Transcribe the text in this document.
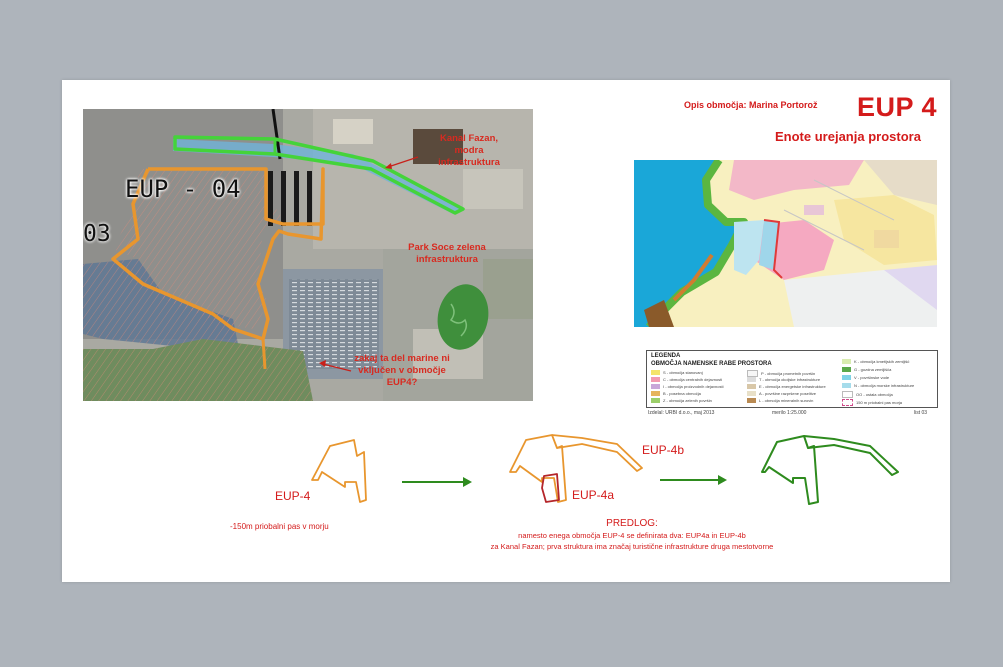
Opis območja: Marina Portorož EUP 4
Enote urejanja prostora
EUP - 04
03
Kanal Fazan, modra infrastruktura
Park Soce zelena infrastruktura
zakaj ta del marine ni vključen v območje EUP4?
LEGENDA
OBMOČJA NAMENSKE RABE PROSTORA
S - območja stanovanj
C - območja centralnih dejavnosti
I - območja proizvodnih dejavnosti
B - posebna območja
Z - območja zelenih površin
P - območja prometnih površin
T - območja okoljske infrastrukture
E - območja energetske infrastrukture
A - površine razpršene poselitve
L - območja mineralnih surovin
K - območja kmetijskih zemljišč
G - gozdna zemljišča
V - površinske vode
N - območja morske infrastrukture
OO - ostala območja
150 m priobalni pas morja
Izdelal: URBI d.o.o., maj 2013	merilo 1:25.000	list 03
EUP-4	EUP-4a
EUP-4b
-150m priobalni pas v morju	PREDLOG:
namesto enega območja EUP-4 se definirata dva: EUP4a in EUP-4b
za Kanal Fazan; prva struktura ima značaj turistične infrastrukture druga mestotvorne
